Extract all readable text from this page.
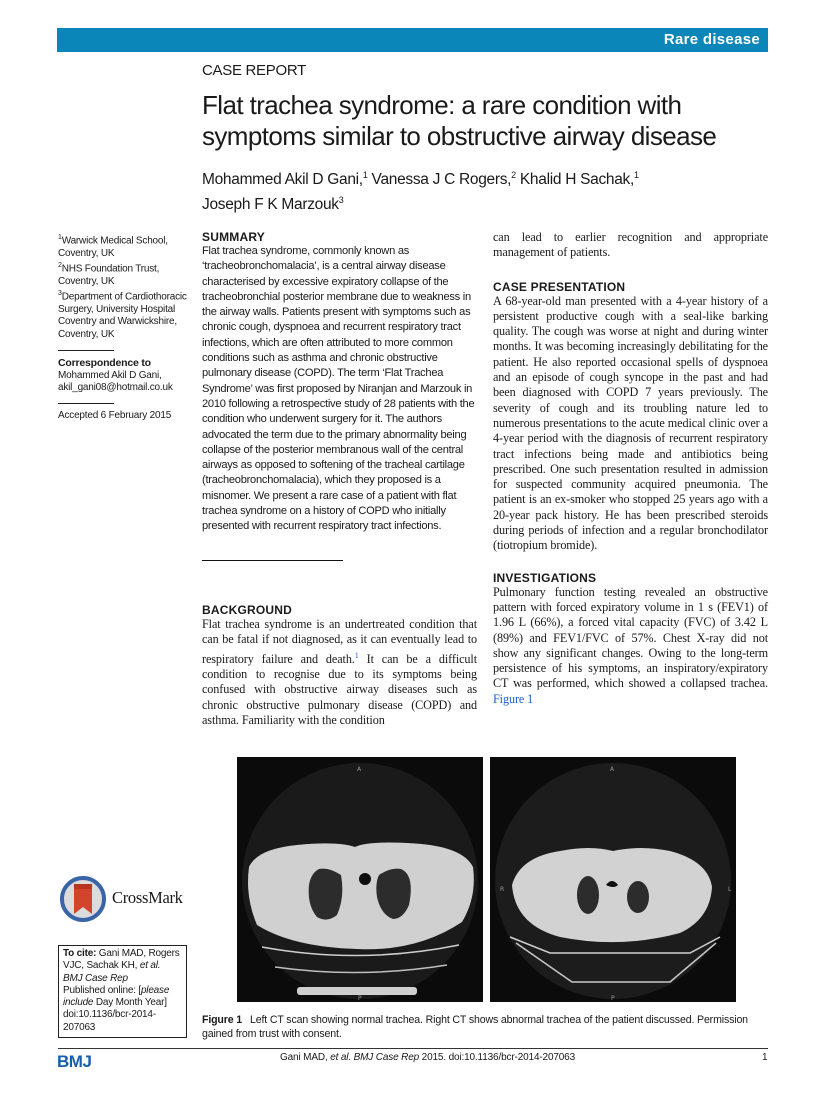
Rare disease
CASE REPORT
Flat trachea syndrome: a rare condition with symptoms similar to obstructive airway disease
Mohammed Akil D Gani,$^1$ Vanessa J C Rogers,$^2$ Khalid H Sachak,$^1$
Joseph F K Marzouk$^3$
$^1$Warwick Medical School, Coventry, UK
$^2$NHS Foundation Trust, Coventry, UK
$^3$Department of Cardiothoracic Surgery, University Hospital Coventry and Warwickshire, Coventry, UK
Correspondence to
Mohammed Akil D Gani,
akil_gani08@hotmail.co.uk
Accepted 6 February 2015
SUMMARY
Flat trachea syndrome, commonly known as ‘tracheobronchomalacia’, is a central airway disease characterised by excessive expiratory collapse of the tracheobronchial posterior membrane due to weakness in the airway walls. Patients present with symptoms such as chronic cough, dyspnoea and recurrent respiratory tract infections, which are often attributed to more common conditions such as asthma and chronic obstructive pulmonary disease (COPD). The term ‘Flat Trachea Syndrome’ was first proposed by Niranjan and Marzouk in 2010 following a retrospective study of 28 patients with the condition who underwent surgery for it. The authors advocated the term due to the primary abnormality being collapse of the posterior membranous wall of the central airways as opposed to softening of the tracheal cartilage (tracheobronchomalacia), which they proposed is a misnomer. We present a rare case of a patient with flat trachea syndrome on a history of COPD who initially presented with recurrent respiratory tract infections.
BACKGROUND
Flat trachea syndrome is an undertreated condition that can be fatal if not diagnosed, as it can eventually lead to respiratory failure and death.$^1$ It can be a difficult condition to recognise due to its symptoms being confused with obstructive airway diseases such as chronic obstructive pulmonary disease (COPD) and asthma. Familiarity with the condition
can lead to earlier recognition and appropriate management of patients.
CASE PRESENTATION
A 68-year-old man presented with a 4-year history of a persistent productive cough with a seal-like barking quality. The cough was worse at night and during winter months. It was becoming increasingly debilitating for the patient. He also reported occasional spells of dyspnoea and an episode of cough syncope in the past and had been diagnosed with COPD 7 years previously. The severity of cough and its troubling nature led to numerous presentations to the acute medical clinic over a 4-year period with the diagnosis of recurrent respiratory tract infections being made and antibiotics being prescribed. One such presentation resulted in admission for suspected community acquired pneumonia. The patient is an ex-smoker who stopped 25 years ago with a 20-year pack history. He has been prescribed steroids during periods of infection and a regular bronchodilator (tiotropium bromide).
INVESTIGATIONS
Pulmonary function testing revealed an obstructive pattern with forced expiratory volume in 1 s (FEV1) of 1.96 L (66%), a forced vital capacity (FVC) of 3.42 L (89%) and FEV1/FVC of 57%. Chest X-ray did not show any significant changes. Owing to the long-term persistence of his symptoms, an inspiratory/expiratory CT was performed, which showed a collapsed trachea. Figure 1
A
P
A
P
R	L
Figure 1 Left CT scan showing normal trachea. Right CT shows abnormal trachea of the patient discussed. Permission gained from trust with consent.
CrossMark
To cite: Gani MAD, Rogers VJC, Sachak KH, et al. BMJ Case Rep
Published online: [please include Day Month Year]
doi:10.1136/bcr-2014-207063
BMJ	Gani MAD, et al. BMJ Case Rep 2015. doi:10.1136/bcr-2014-207063	1
